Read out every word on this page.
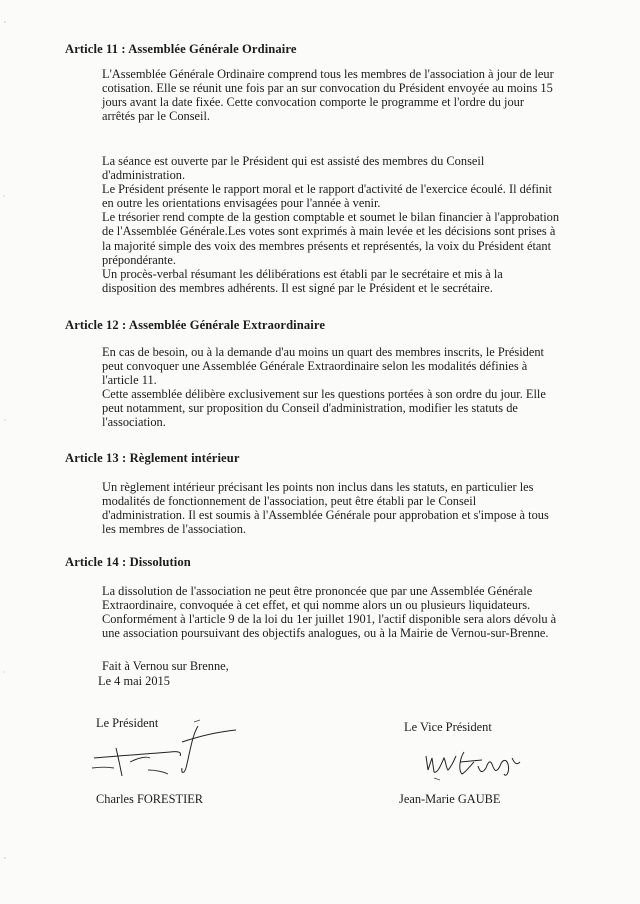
Article 11 : Assemblée Générale Ordinaire

L'Assemblée Générale Ordinaire comprend tous les membres de l'association à jour de leur
cotisation. Elle se réunit une fois par an sur convocation du Président envoyée au moins 15
jours avant la date fixée. Cette convocation comporte le programme et l'ordre du jour
arrêtés par le Conseil.

La séance est ouverte par le Président qui est assisté des membres du Conseil
d'administration.
Le Président présente le rapport moral et le rapport d'activité de l'exercice écoulé. Il définit
en outre les orientations envisagées pour l'année à venir.
Le trésorier rend compte de la gestion comptable et soumet le bilan financier à l'approbation
de l'Assemblée Générale.Les votes sont exprimés à main levée et les décisions sont prises à
la majorité simple des voix des membres présents et représentés, la voix du Président étant
prépondérante.
Un procès-verbal résumant les délibérations est établi par le secrétaire et mis à la
disposition des membres adhérents. Il est signé par le Président et le secrétaire.

Article 12 : Assemblée Générale Extraordinaire

En cas de besoin, ou à la demande d'au moins un quart des membres inscrits, le Président
peut convoquer une Assemblée Générale Extraordinaire selon les modalités définies à
l'article 11.
Cette assemblée délibère exclusivement sur les questions portées à son ordre du jour. Elle
peut notamment, sur proposition du Conseil d'administration, modifier les statuts de
l'association.

Article 13 : Règlement intérieur

Un règlement intérieur précisant les points non inclus dans les statuts, en particulier les
modalités de fonctionnement de l'association, peut être établi par le Conseil
d'administration. Il est soumis à l'Assemblée Générale pour approbation et s'impose à tous
les membres de l'association.

Article 14 : Dissolution

La dissolution de l'association ne peut être prononcée que par une Assemblée Générale
Extraordinaire, convoquée à cet effet, et qui nomme alors un ou plusieurs liquidateurs.
Conformément à l'article 9 de la loi du 1er juillet 1901, l'actif disponible sera alors dévolu à
une association poursuivant des objectifs analogues, ou à la Mairie de Vernou-sur-Brenne.

Fait à Vernou sur Brenne,
Le 4 mai 2015
Le Président
Charles FORESTIER
Le Vice Président
Jean-Marie GAUBE
